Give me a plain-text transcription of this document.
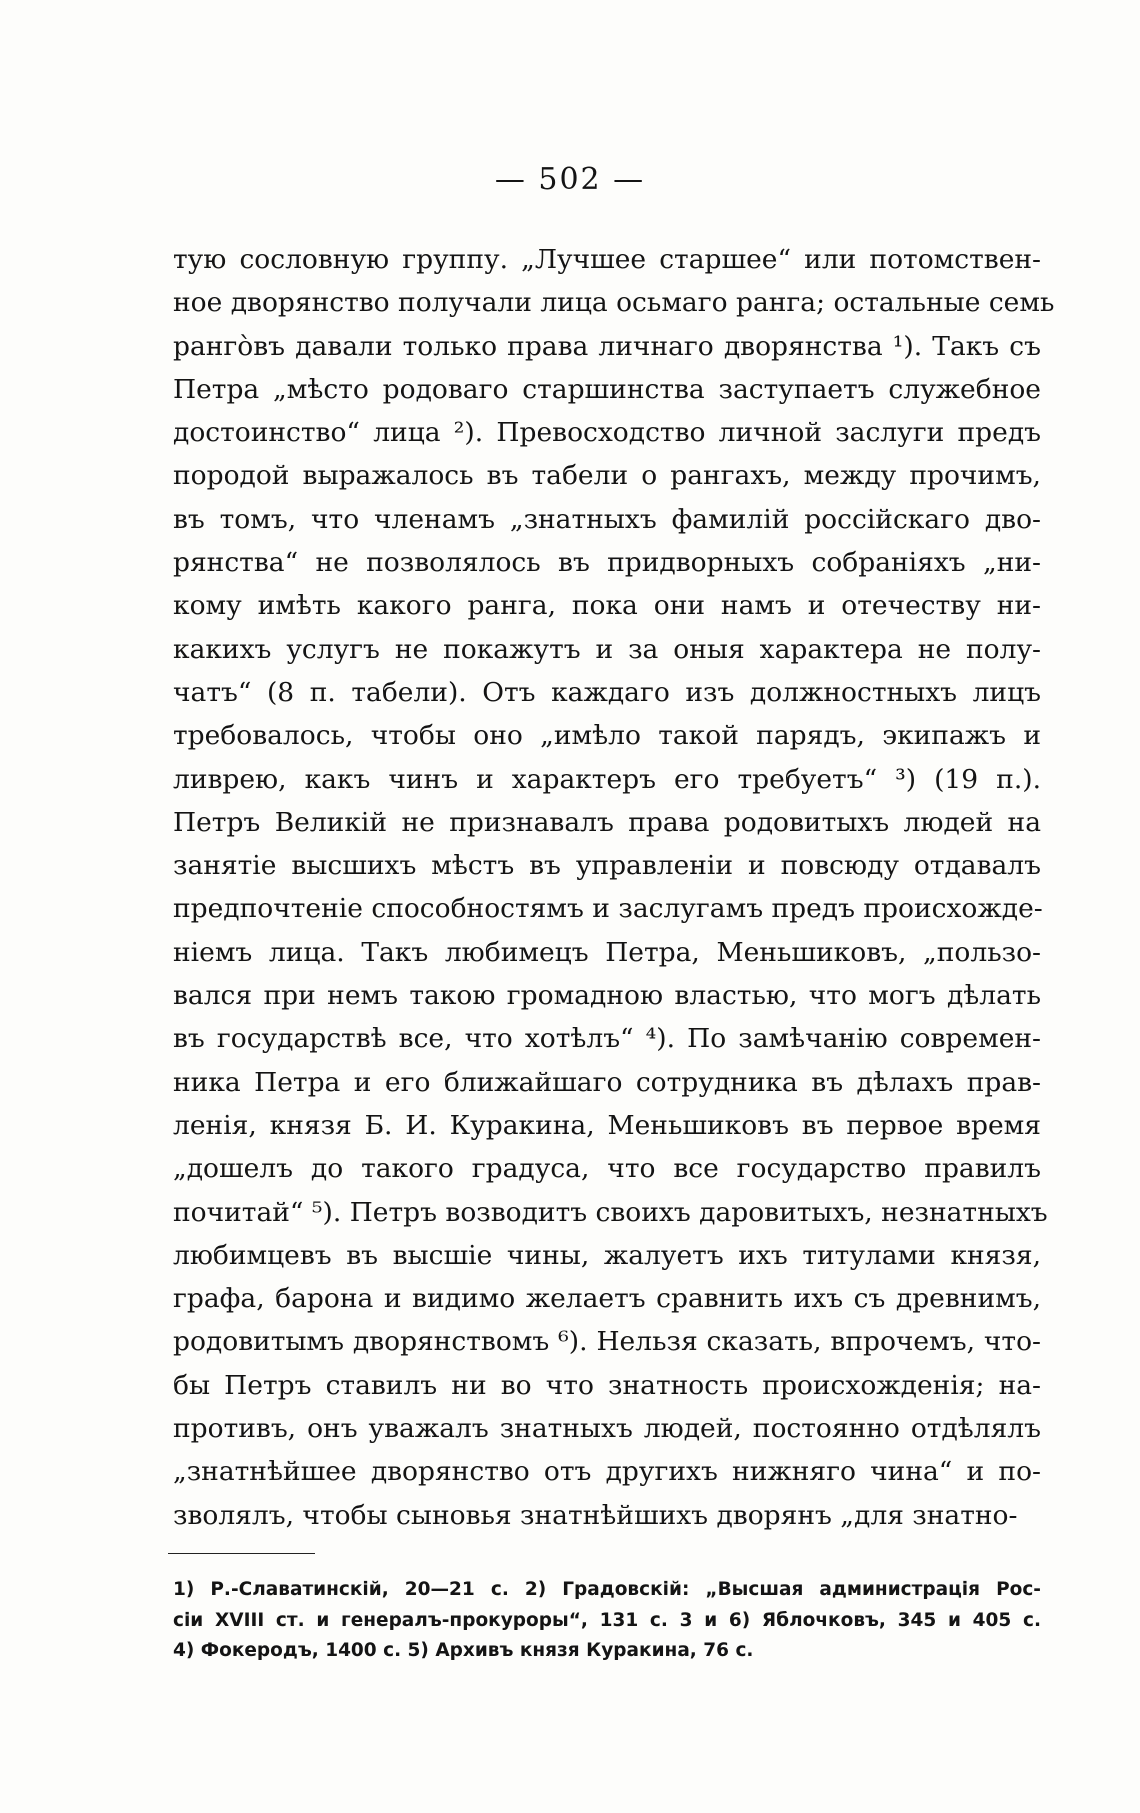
— 502 —
тую сословную группу. „Лучшее старшее“ или потомствен-
ное дворянство получали лица осьмаго ранга; остальные семь
ранго̀въ давали только права личнаго дворянства ¹). Такъ съ
Петра „мѣсто родоваго старшинства заступаетъ служебное
достоинство“ лица ²). Превосходство личной заслуги предъ
породой выражалось въ табели о рангахъ, между прочимъ,
въ томъ, что членамъ „знатныхъ фамилій россійскаго дво-
рянства“ не позволялось въ придворныхъ собраніяхъ „ни-
кому имѣть какого ранга, пока они намъ и отечеству ни-
какихъ услугъ не покажутъ и за оныя характера не полу-
чатъ“ (8 п. табели). Отъ каждаго изъ должностныхъ лицъ
требовалось, чтобы оно „имѣло такой парядъ, экипажъ и
ливрею, какъ чинъ и характеръ его требуетъ“ ³) (19 п.).
Петръ Великій не признавалъ права родовитыхъ людей на
занятіе высшихъ мѣстъ въ управленіи и повсюду отдавалъ
предпочтеніе способностямъ и заслугамъ предъ происхожде-
ніемъ лица. Такъ любимецъ Петра, Меньшиковъ, „пользо-
вался при немъ такою громадною властью, что могъ дѣлать
въ государствѣ все, что хотѣлъ“ ⁴). По замѣчанію современ-
ника Петра и его ближайшаго сотрудника въ дѣлахъ прав-
ленія, князя Б. И. Куракина, Меньшиковъ въ первое время
„дошелъ до такого градуса, что все государство правилъ
почитай“ ⁵). Петръ возводитъ своихъ даровитыхъ, незнатныхъ
любимцевъ въ высшіе чины, жалуетъ ихъ титулами князя,
графа, барона и видимо желаетъ сравнить ихъ съ древнимъ,
родовитымъ дворянствомъ ⁶). Нельзя сказать, впрочемъ, что-
бы Петръ ставилъ ни во что знатность происхожденія; на-
противъ, онъ уважалъ знатныхъ людей, постоянно отдѣлялъ
„знатнѣйшее дворянство отъ другихъ нижняго чина“ и по-
зволялъ, чтобы сыновья знатнѣйшихъ дворянъ „для знатно-
1) Р.-Славатинскій, 20—21 с. 2) Градовскій: „Высшая администрація Рос-
сіи XVIII ст. и генералъ-прокуроры“, 131 с. 3 и 6) Яблочковъ, 345 и 405 с.
4) Фокеродъ, 1400 с. 5) Архивъ князя Куракина, 76 с.
